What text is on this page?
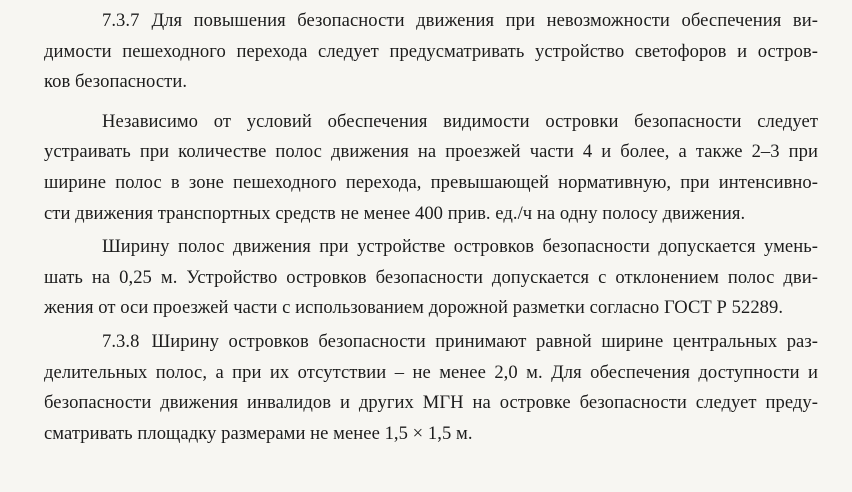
7.3.7 Для повышения безопасности движения при невозможности обеспечения ви-
димости пешеходного перехода следует предусматривать устройство светофоров и остров-
ков безопасности.
Независимо от условий обеспечения видимости островки безопасности следует
устраивать при количестве полос движения на проезжей части 4 и более, а также 2–3 при
ширине полос в зоне пешеходного перехода, превышающей нормативную, при интенсивно-
сти движения транспортных средств не менее 400 прив. ед./ч на одну полосу движения.
Ширину полос движения при устройстве островков безопасности допускается умень-
шать на 0,25 м. Устройство островков безопасности допускается с отклонением полос дви-
жения от оси проезжей части с использованием дорожной разметки согласно ГОСТ Р 52289.
7.3.8 Ширину островков безопасности принимают равной ширине центральных раз-
делительных полос, а при их отсутствии – не менее 2,0 м. Для обеспечения доступности и
безопасности движения инвалидов и других МГН на островке безопасности следует преду-
сматривать площадку размерами не менее 1,5 × 1,5 м.
